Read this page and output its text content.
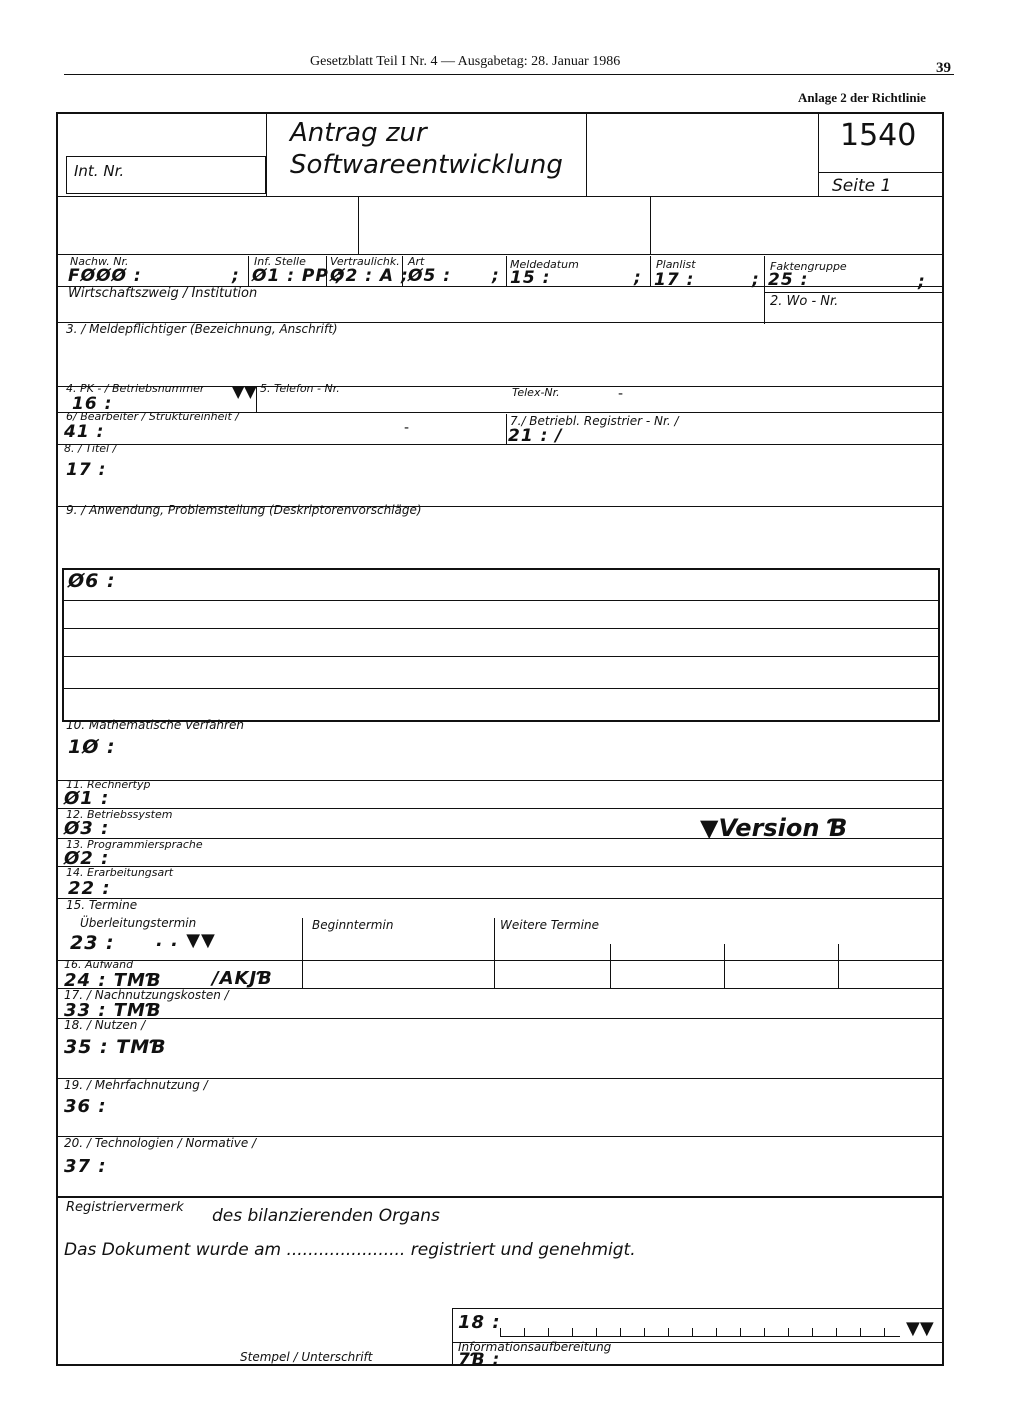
Gesetzblatt Teil I Nr. 4 — Ausgabetag: 28. Januar 1986	39
Anlage 2 der Richtlinie
Int. Nr.
Antrag zur
Softwareentwicklung
1540
Seite 1
Nachw. Nr.
FØØØ :	;
Inf. Stelle
Ø1 : PP ;
Vertraulichk.
Ø2 : A ;
Art
Ø5 : ;
Meldedatum
15 :	;
Planlist
17 :	;
Faktengruppe
25 :	;
Wirtschaftszweig / Institution
2. Wo - Nr.
3. / Meldepflichtiger (Bezeichnung, Anschrift)
4. PK - / Betriebsnummer ▼▼
16 :
5. Telefon - Nr.	Telex-Nr.	-
6/ Bearbeiter / Struktureinheit /
41 :	-	7./ Betriebl. Registrier - Nr. /
21 : /
8. / Titel /
17 :
9. / Anwendung, Problemstellung (Deskriptorenvorschläge)
Ø6 :
10. Mathematische Verfahren
1Ø :
11. Rechnertyp
Ø1 :
12. Betriebssystem
Ø3 :	▼Version Ɓ
13. Programmiersprache
Ø2 :
14. Erarbeitungsart
22 :
15. Termine
Überleitungstermin
23 : . . ▼▼
Beginntermin	Weitere Termine
16. Aufwand
24 : TMƁ	/AKJƁ
17. / Nachnutzungskosten /
33 : TMƁ
18. / Nutzen /
35 : TMƁ
19. / Mehrfachnutzung /
36 :
20. / Technologien / Normative /
37 :
Registriervermerk des bilanzierenden Organs
Das Dokument wurde am ...................... registriert und genehmigt.
18 :	▼▼
Informationsaufbereitung
7Ɓ :
Stempel / Unterschrift
